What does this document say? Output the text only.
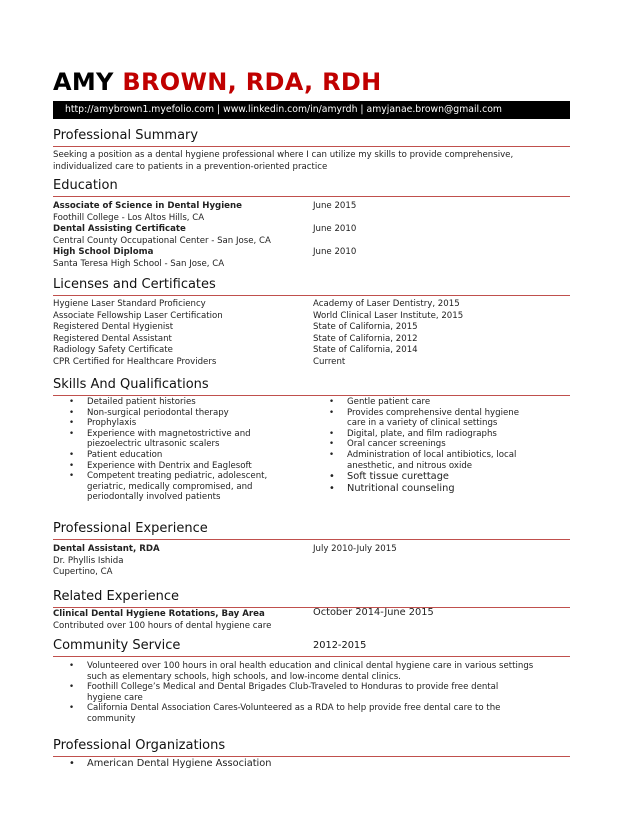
AMY BROWN, RDA, RDH
http://amybrown1.myefolio.com | www.linkedin.com/in/amyrdh | amyjanae.brown@gmail.com
Professional Summary
Seeking a position as a dental hygiene professional where I can utilize my skills to provide comprehensive,
individualized care to patients in a prevention-oriented practice
Education
Associate of Science in Dental Hygiene	June 2015
Foothill College - Los Altos Hills, CA
Dental Assisting Certificate	June 2010
Central County Occupational Center - San Jose, CA
High School Diploma	June 2010
Santa Teresa High School - San Jose, CA
Licenses and Certificates
Hygiene Laser Standard Proficiency	Academy of Laser Dentistry, 2015
Associate Fellowship Laser Certification	World Clinical Laser Institute, 2015
Registered Dental Hygienist	State of California, 2015
Registered Dental Assistant	State of California, 2012
Radiology Safety Certificate	State of California, 2014
CPR Certified for Healthcare Providers	Current
Skills And Qualifications
• Detailed patient histories
• Non-surgical periodontal therapy
• Prophylaxis
• Experience with magnetostrictive and
piezoelectric ultrasonic scalers
• Patient education
• Experience with Dentrix and Eaglesoft
• Competent treating pediatric, adolescent,
geriatric, medically compromised, and
periodontally involved patients
• Gentle patient care
• Provides comprehensive dental hygiene
care in a variety of clinical settings
• Digital, plate, and film radiographs
• Oral cancer screenings
• Administration of local antibiotics, local
anesthetic, and nitrous oxide
• Soft tissue curettage
• Nutritional counseling
Professional Experience
Dental Assistant, RDA	July 2010-July 2015
Dr. Phyllis Ishida
Cupertino, CA
Related Experience
Clinical Dental Hygiene Rotations, Bay Area	October 2014-June 2015
Contributed over 100 hours of dental hygiene care
Community Service	2012-2015
• Volunteered over 100 hours in oral health education and clinical dental hygiene care in various settings
such as elementary schools, high schools, and low-income dental clinics.
• Foothill College’s Medical and Dental Brigades Club-Traveled to Honduras to provide free dental
hygiene care
• California Dental Association Cares-Volunteered as a RDA to help provide free dental care to the
community
Professional Organizations
• American Dental Hygiene Association
